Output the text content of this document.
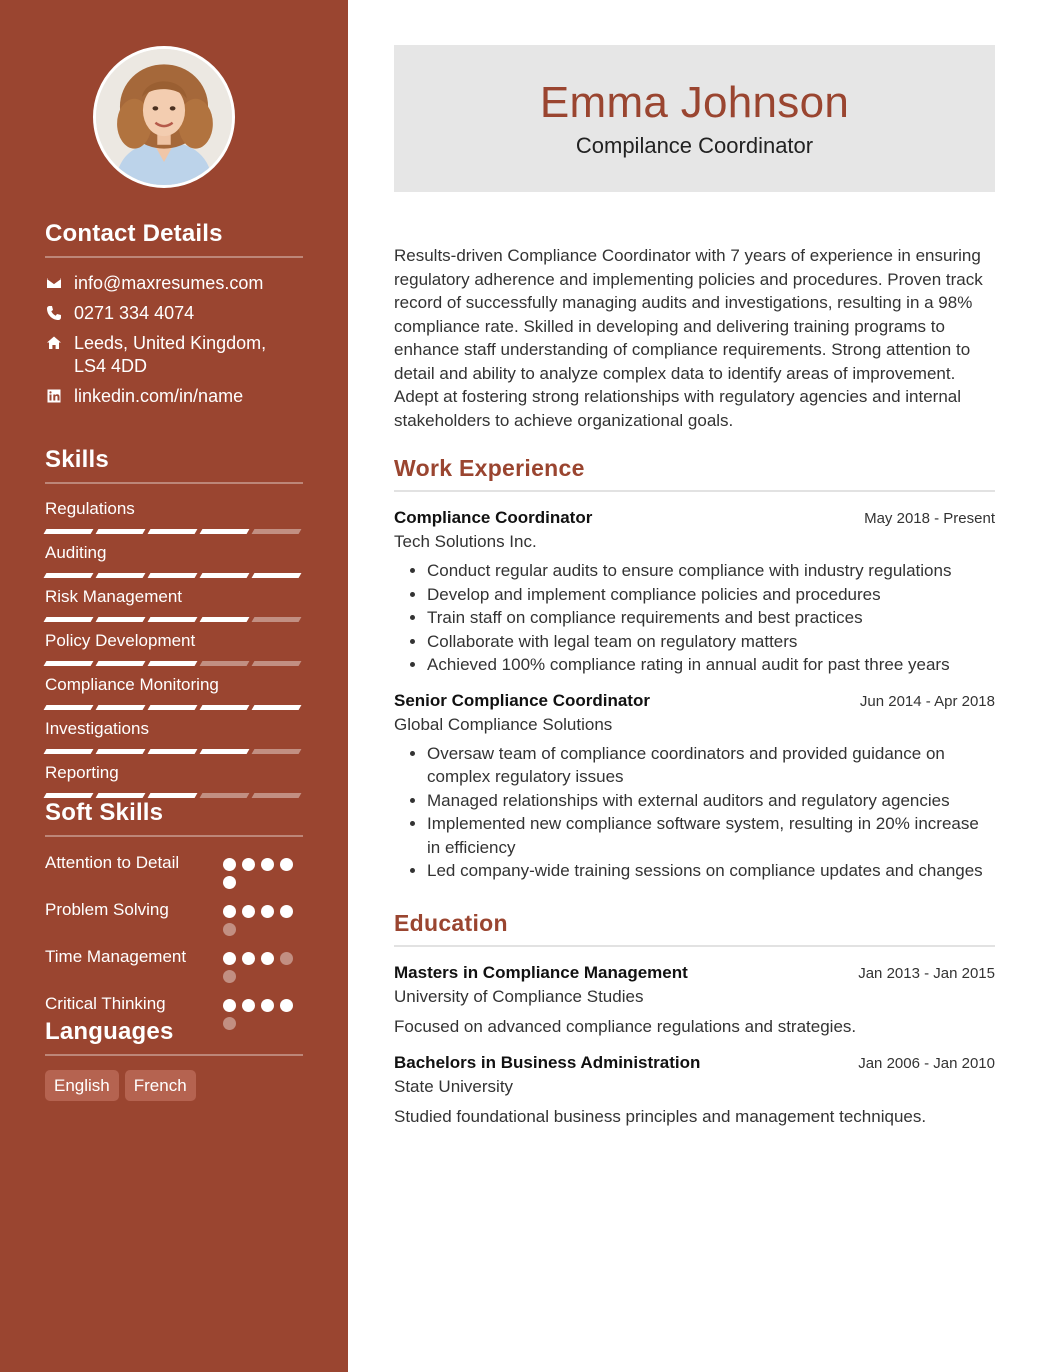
Contact Details
info@maxresumes.com
0271 334 4074
Leeds, United Kingdom, LS4 4DD
linkedin.com/in/name
Skills
Regulations
Auditing
Risk Management
Policy Development
Compliance Monitoring
Investigations
Reporting
Soft Skills
Attention to Detail
Problem Solving
Time Management
Critical Thinking
Languages
English	French
Emma Johnson
Compilance Coordinator

Results-driven Compliance Coordinator with 7 years of experience in ensuring regulatory adherence and implementing policies and procedures. Proven track record of successfully managing audits and investigations, resulting in a 98% compliance rate. Skilled in developing and delivering training programs to enhance staff understanding of compliance requirements. Strong attention to detail and ability to analyze complex data to identify areas of improvement. Adept at fostering strong relationships with regulatory agencies and internal stakeholders to achieve organizational goals.

Work Experience
Compliance Coordinator	May 2018 - Present
Tech Solutions Inc.
• Conduct regular audits to ensure compliance with industry regulations
• Develop and implement compliance policies and procedures
• Train staff on compliance requirements and best practices
• Collaborate with legal team on regulatory matters
• Achieved 100% compliance rating in annual audit for past three years
Senior Compliance Coordinator	Jun 2014 - Apr 2018
Global Compliance Solutions
• Oversaw team of compliance coordinators and provided guidance on complex regulatory issues
• Managed relationships with external auditors and regulatory agencies
• Implemented new compliance software system, resulting in 20% increase in efficiency
• Led company-wide training sessions on compliance updates and changes
Education
Masters in Compliance Management	Jan 2013 - Jan 2015
University of Compliance Studies
Focused on advanced compliance regulations and strategies.
Bachelors in Business Administration	Jan 2006 - Jan 2010
State University
Studied foundational business principles and management techniques.
